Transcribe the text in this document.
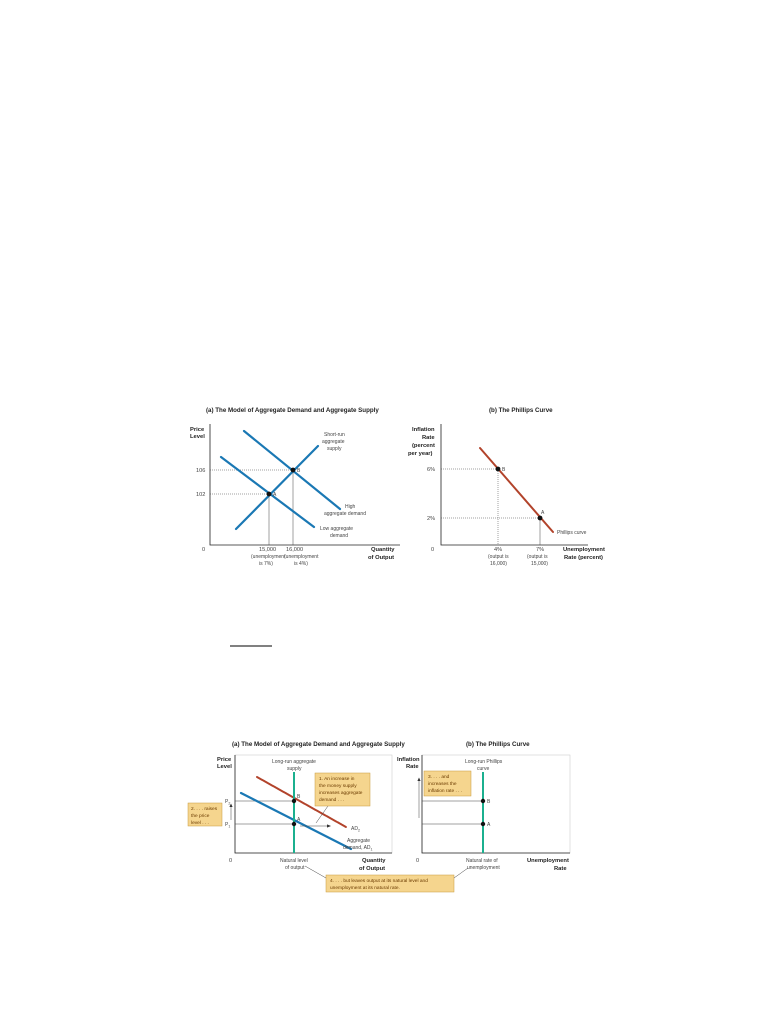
(a) The Model of Aggregate Demand and Aggregate Supply
Price
Level
0	Quantity
of Output
106
102
15,000
(unemployment
is 7%)
16,000
(unemployment
is 4%)
B
A
Short-run
aggregate
supply
High
aggregate demand
Low aggregate
demand
(b) The Phillips Curve
Inflation
Rate
(percent
per year)
0	Unemployment
Rate (percent)
6%
2%
4%
(output is
16,000)
7%
(output is
15,000)
B
A
Phillips curve
(a) The Model of Aggregate Demand and Aggregate Supply
Price
Level
0	Quantity
of Output
$P_2$
$P_1$
B
A
Long-run aggregate
supply
$AD_2$
Aggregate
demand, $AD_1$
Natural level
of output
1. An increase in
the money supply
increases aggregate
demand . . .
2. . . . raises
the price
level . . .
4. . . . but leaves output at its natural level and
unemployment at its natural rate.
(b) The Phillips Curve
Inflation
Rate
0	Unemployment
Rate
B
A
Long-run Phillips
curve
Natural rate of
unemployment
3. . . . and
increases the
inflation rate . . .
